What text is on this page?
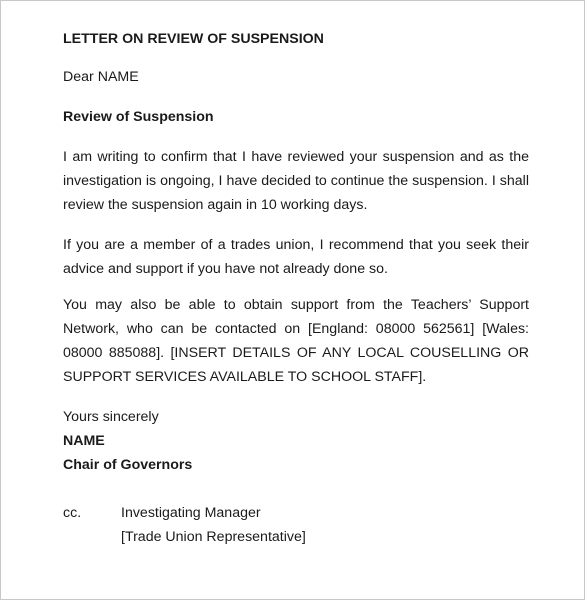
LETTER ON REVIEW OF SUSPENSION

Dear NAME

Review of Suspension

I am writing to confirm that I have reviewed your suspension and as the investigation is ongoing, I have decided to continue the suspension. I shall review the suspension again in 10 working days.

If you are a member of a trades union, I recommend that you seek their advice and support if you have not already done so.

You may also be able to obtain support from the Teachers’ Support Network, who can be contacted on [England: 08000 562561] [Wales: 08000 885088]. [INSERT DETAILS OF ANY LOCAL COUSELLING OR SUPPORT SERVICES AVAILABLE TO SCHOOL STAFF].

Yours sincerely

NAME

Chair of Governors

cc.	Investigating Manager
[Trade Union Representative]
